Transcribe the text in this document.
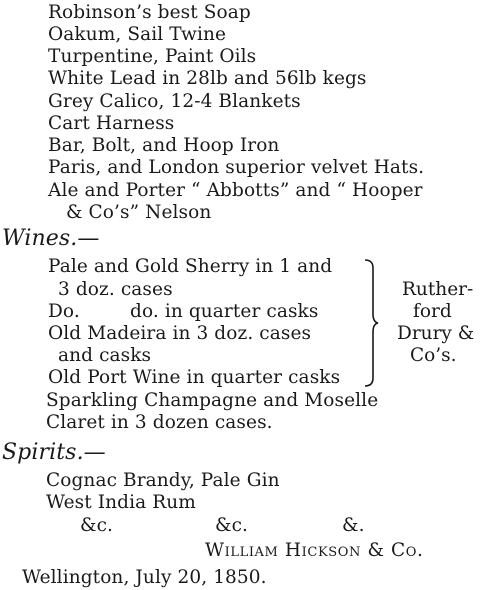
Robinson’s best Soap
Oakum, Sail Twine
Turpentine, Paint Oils
White Lead in 28lb and 56lb kegs
Grey Calico, 12-4 Blankets
Cart Harness
Bar, Bolt, and Hoop Iron
Paris, and London superior velvet Hats.
Ale and Porter “ Abbotts” and “ Hooper
& Co’s” Nelson
Wines.—
Pale and Gold Sherry in 1 and
3 doz. cases
Do.	do. in quarter casks
Old Madeira in 3 doz. cases
and casks
Old Port Wine in quarter casks
Ruther-
ford
Drury &
Co’s.
Sparkling Champagne and Moselle
Claret in 3 dozen cases.
Spirits.—
Cognac Brandy, Pale Gin
West India Rum
&c.	&c.	&.
William Hickson & Co.
Wellington, July 20, 1850.
